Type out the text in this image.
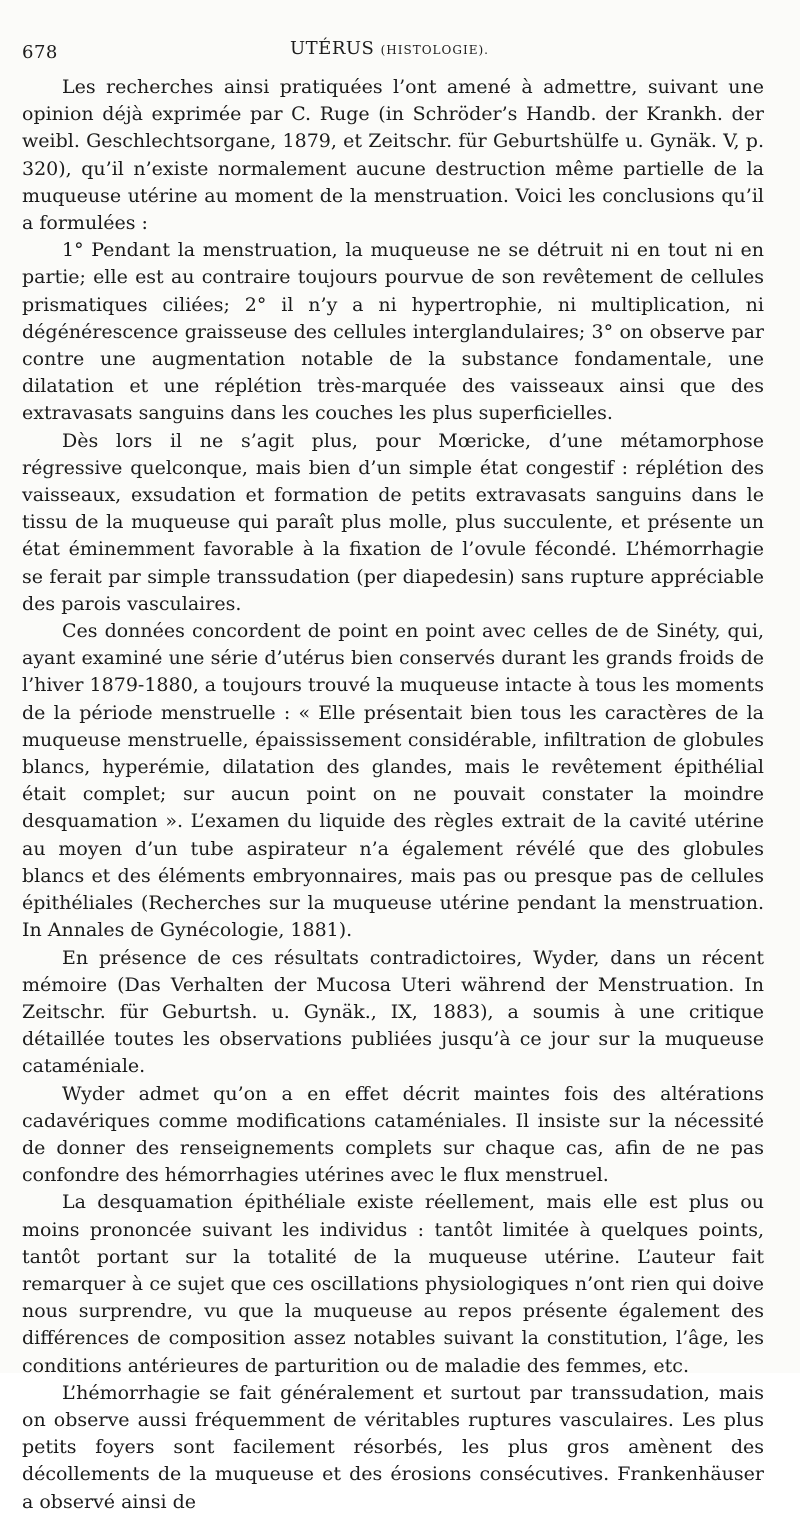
678	UTÉRUS (HISTOLOGIE).

Les recherches ainsi pratiquées l’ont amené à admettre, suivant une opinion déjà exprimée par C. Ruge (in Schröder’s Handb. der Krankh. der weibl. Geschlechtsorgane, 1879, et Zeitschr. für Geburtshülfe u. Gynäk. V, p. 320), qu’il n’existe normalement aucune destruction même partielle de la muqueuse utérine au moment de la menstruation. Voici les conclusions qu’il a formulées :

1° Pendant la menstruation, la muqueuse ne se détruit ni en tout ni en partie; elle est au contraire toujours pourvue de son revêtement de cellules prismatiques ciliées; 2° il n’y a ni hypertrophie, ni multiplication, ni dégénérescence graisseuse des cellules interglandulaires; 3° on observe par contre une augmentation notable de la substance fondamentale, une dilatation et une réplétion très-marquée des vaisseaux ainsi que des extravasats sanguins dans les couches les plus superficielles.

Dès lors il ne s’agit plus, pour Mœricke, d’une métamorphose régressive quelconque, mais bien d’un simple état congestif : réplétion des vaisseaux, exsudation et formation de petits extravasats sanguins dans le tissu de la muqueuse qui paraît plus molle, plus succulente, et présente un état éminemment favorable à la fixation de l’ovule fécondé. L’hémorrhagie se ferait par simple transsudation (per diapedesin) sans rupture appréciable des parois vasculaires.

Ces données concordent de point en point avec celles de de Sinéty, qui, ayant examiné une série d’utérus bien conservés durant les grands froids de l’hiver 1879-1880, a toujours trouvé la muqueuse intacte à tous les moments de la période menstruelle : « Elle présentait bien tous les caractères de la muqueuse menstruelle, épaississement considérable, infiltration de globules blancs, hyperémie, dilatation des glandes, mais le revêtement épithélial était complet; sur aucun point on ne pouvait constater la moindre desquamation ». L’examen du liquide des règles extrait de la cavité utérine au moyen d’un tube aspirateur n’a également révélé que des globules blancs et des éléments embryonnaires, mais pas ou presque pas de cellules épithéliales (Recherches sur la muqueuse utérine pendant la menstruation. In Annales de Gynécologie, 1881).

En présence de ces résultats contradictoires, Wyder, dans un récent mémoire (Das Verhalten der Mucosa Uteri während der Menstruation. In Zeitschr. für Geburtsh. u. Gynäk., IX, 1883), a soumis à une critique détaillée toutes les observations publiées jusqu’à ce jour sur la muqueuse cataméniale.

Wyder admet qu’on a en effet décrit maintes fois des altérations cadavériques comme modifications cataméniales. Il insiste sur la nécessité de donner des renseignements complets sur chaque cas, afin de ne pas confondre des hémorrhagies utérines avec le flux menstruel.

La desquamation épithéliale existe réellement, mais elle est plus ou moins prononcée suivant les individus : tantôt limitée à quelques points, tantôt portant sur la totalité de la muqueuse utérine. L’auteur fait remarquer à ce sujet que ces oscillations physiologiques n’ont rien qui doive nous surprendre, vu que la muqueuse au repos présente également des différences de composition assez notables suivant la constitution, l’âge, les conditions antérieures de parturition ou de maladie des femmes, etc.

L’hémorrhagie se fait généralement et surtout par transsudation, mais on observe aussi fréquemment de véritables ruptures vasculaires. Les plus petits foyers sont facilement résorbés, les plus gros amènent des décollements de la muqueuse et des érosions consécutives. Frankenhäuser a observé ainsi de
